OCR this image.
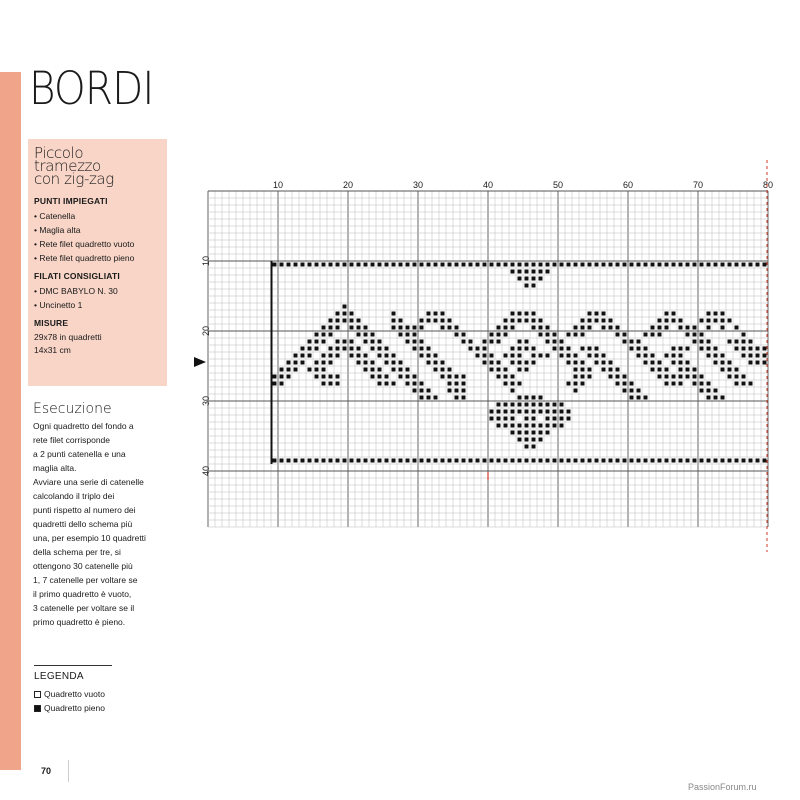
BORDI
Piccolo
tramezzo
con zig-zag
PUNTI IMPIEGATI
• Catenella
• Maglia alta
• Rete filet quadretto vuoto
• Rete filet quadretto pieno
FILATI CONSIGLIATI
• DMC BABYLO N. 30
• Uncinetto 1
MISURE
29x78 in quadretti
14x31 cm
Esecuzione
Ogni quadretto del fondo a
rete filet corrisponde
a 2 punti catenella e una
maglia alta.
Avviare una serie di catenelle
calcolando il triplo dei
punti rispetto al numero dei
quadretti dello schema più
una, per esempio 10 quadretti
della schema per tre, si
ottengono 30 catenelle più
1, 7 catenelle per voltare se
il primo quadretto è vuoto,
3 catenelle per voltare se il
primo quadretto è pieno.
LEGENDA
Quadretto vuoto
Quadretto pieno
10	20	30	40	50	60	70	80
10
20
30
40
70
PassionForum.ru
